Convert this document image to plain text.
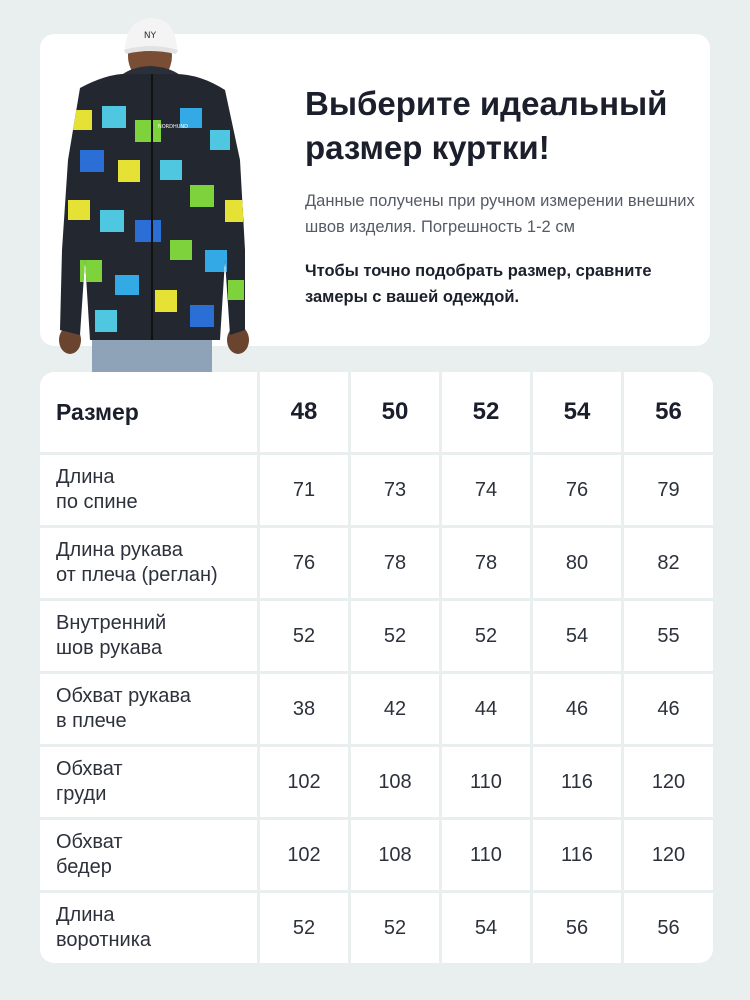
NY
NORDHUND
Выберите идеальный
размер куртки!

Данные получены при ручном измерении внешних швов изделия. Погрешность 1-2 см

Чтобы точно подобрать размер, сравните замеры с вашей одеждой.

Размер	48	50	52	54	56
Длина
по спине
71	73	74	76	79
Длина рукава
от плеча (реглан)
76	78	78	80	82
Внутренний
шов рукава
52	52	52	54	55
Обхват рукава
в плече
38	42	44	46	46
Обхват
груди
102	108	110	116	120
Обхват
бедер
102	108	110	116	120
Длина
воротника
52	52	54	56	56
